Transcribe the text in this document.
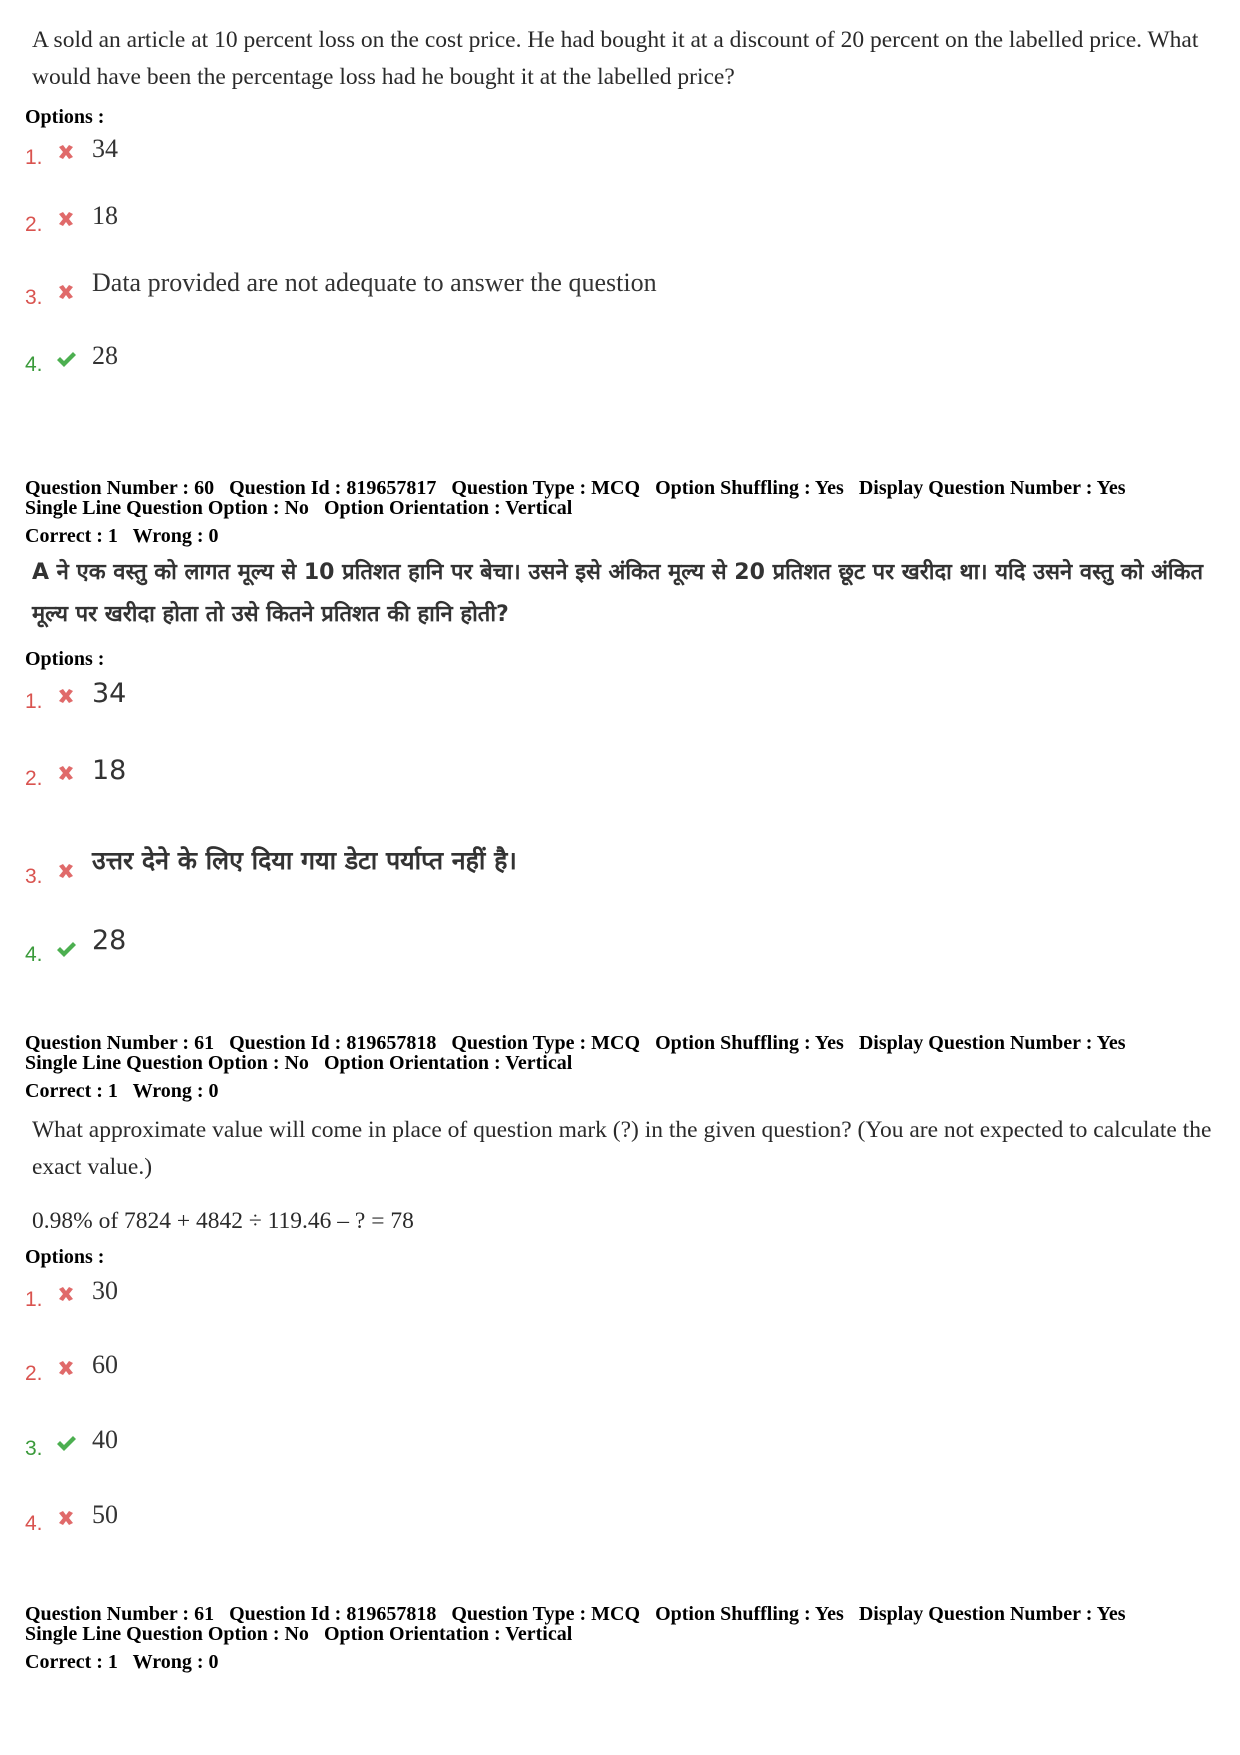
A sold an article at 10 percent loss on the cost price. He had bought it at a discount of 20 percent on the labelled price. What would have been the percentage loss had he bought it at the labelled price?
Options :
1. 34
2. 18
3.
Data provided are not adequate to answer the question
4. 28
Question Number : 60 Question Id : 819657817 Question Type : MCQ Option Shuffling : Yes Display Question Number : Yes
Single Line Question Option : No Option Orientation : Vertical
Correct : 1 Wrong : 0
A ने एक वस्तु को लागत मूल्य से 10 प्रतिशत हानि पर बेचा। उसने इसे अंकित मूल्य से 20 प्रतिशत छूट पर खरीदा था। यदि उसने वस्तु को अंकित मूल्य पर खरीदा होता तो उसे कितने प्रतिशत की हानि होती?
Options :
1. 34
2. 18
3.
उत्तर देने के लिए दिया गया डेटा पर्याप्त नहीं है।
4. 28
Question Number : 61 Question Id : 819657818 Question Type : MCQ Option Shuffling : Yes Display Question Number : Yes
Single Line Question Option : No Option Orientation : Vertical
Correct : 1 Wrong : 0
What approximate value will come in place of question mark (?) in the given question? (You are not expected to calculate the exact value.)
0.98% of 7824 + 4842 ÷ 119.46 – ? = 78
Options :
1. 30
2. 60
3. 40
4. 50
Question Number : 61 Question Id : 819657818 Question Type : MCQ Option Shuffling : Yes Display Question Number : Yes
Single Line Question Option : No Option Orientation : Vertical
Correct : 1 Wrong : 0
